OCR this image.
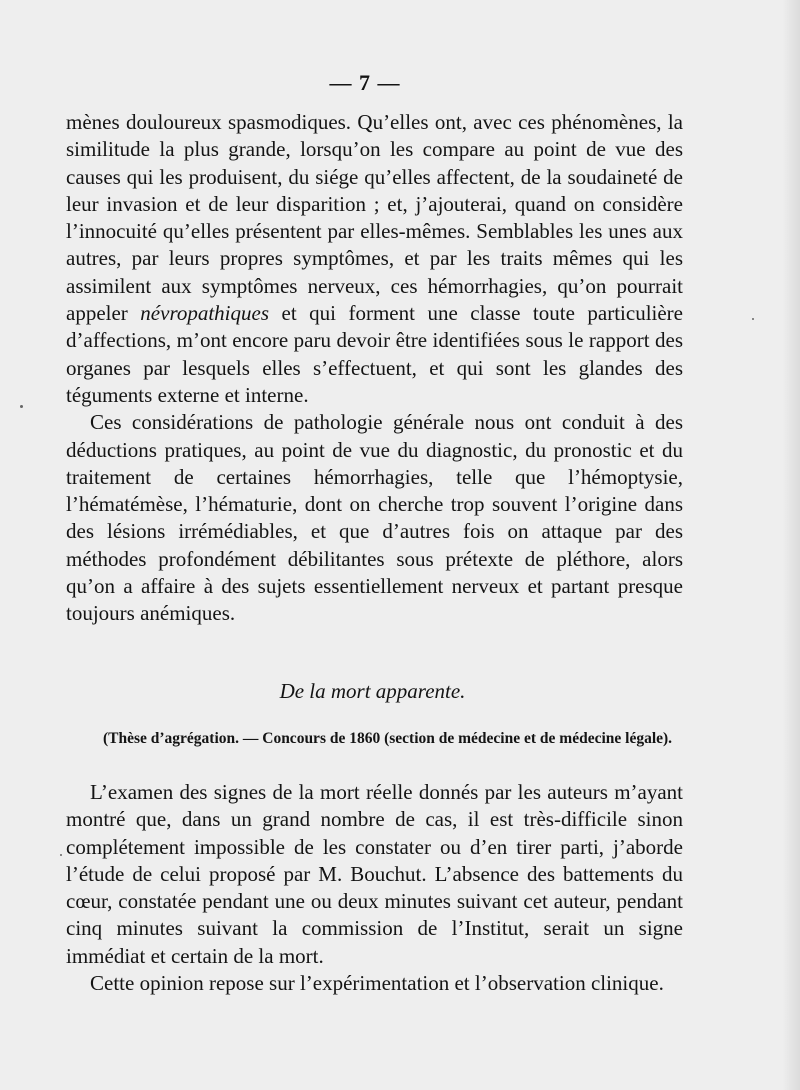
— 7 —

mènes douloureux spasmodiques. Qu’elles ont, avec ces phénomènes, la similitude la plus grande, lorsqu’on les compare au point de vue des causes qui les produisent, du siége qu’elles affectent, de la soudaineté de leur invasion et de leur disparition ; et, j’ajouterai, quand on considère l’innocuité qu’elles présentent par elles-mêmes. Semblables les unes aux autres, par leurs propres symptômes, et par les traits mêmes qui les assimilent aux symptômes nerveux, ces hémorrhagies, qu’on pourrait appeler névropathiques et qui forment une classe toute particulière d’affections, m’ont encore paru devoir être identifiées sous le rapport des organes par lesquels elles s’effectuent, et qui sont les glandes des téguments externe et interne.

Ces considérations de pathologie générale nous ont conduit à des déductions pratiques, au point de vue du diagnostic, du pronostic et du traitement de certaines hémorrhagies, telle que l’hémoptysie, l’hématémèse, l’hématurie, dont on cherche trop souvent l’origine dans des lésions irrémédiables, et que d’autres fois on attaque par des méthodes profondément débilitantes sous prétexte de pléthore, alors qu’on a affaire à des sujets essentiellement nerveux et partant presque toujours anémiques.

De la mort apparente.
(Thèse d’agrégation. — Concours de 1860 (section de médecine et de médecine légale).

L’examen des signes de la mort réelle donnés par les auteurs m’ayant montré que, dans un grand nombre de cas, il est très-difficile sinon complétement impossible de les constater ou d’en tirer parti, j’aborde l’étude de celui proposé par M. Bouchut. L’absence des battements du cœur, constatée pendant une ou deux minutes suivant cet auteur, pendant cinq minutes suivant la commission de l’Institut, serait un signe immédiat et certain de la mort.

Cette opinion repose sur l’expérimentation et l’observation clinique.
